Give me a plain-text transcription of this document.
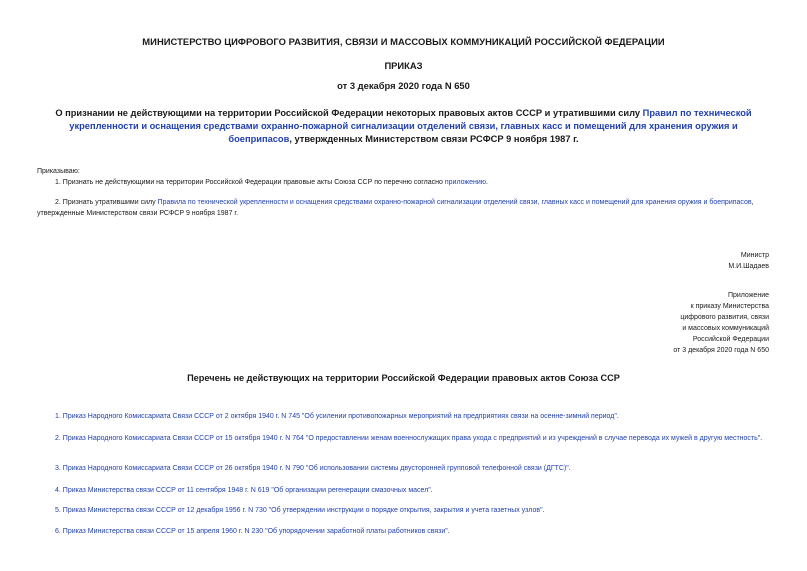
МИНИСТЕРСТВО ЦИФРОВОГО РАЗВИТИЯ, СВЯЗИ И МАССОВЫХ КОММУНИКАЦИЙ РОССИЙСКОЙ ФЕДЕРАЦИИ
ПРИКАЗ
от 3 декабря 2020 года N 650
О признании не действующими на территории Российской Федерации некоторых правовых актов СССР и утратившими силу Правил по технической укрепленности и оснащения средствами охранно-пожарной сигнализации отделений связи, главных касс и помещений для хранения оружия и боеприпасов, утвержденных Министерством связи РСФСР 9 ноября 1987 г.
Приказываю:
1. Признать не действующими на территории Российской Федерации правовые акты Союза ССР по перечню согласно приложению.
2. Признать утратившими силу Правила по технической укрепленности и оснащения средствами охранно-пожарной сигнализации отделений связи, главных касс и помещений для хранения оружия и боеприпасов, утвержденные Министерством связи РСФСР 9 ноября 1987 г.
Министр
М.И.Шадаев
Приложение
к приказу Министерства
цифрового развития, связи
и массовых коммуникаций
Российской Федерации
от 3 декабря 2020 года N 650
Перечень не действующих на территории Российской Федерации правовых актов Союза ССР
1. Приказ Народного Комиссариата Связи СССР от 2 октября 1940 г. N 745 "Об усилении противопожарных мероприятий на предприятиях связи на осенне-зимний период".
2. Приказ Народного Комиссариата Связи СССР от 15 октября 1940 г. N 764 "О предоставлении женам военнослужащих права ухода с предприятий и из учреждений в случае перевода их мужей в другую местность".
3. Приказ Народного Комиссариата Связи СССР от 26 октября 1940 г. N 790 "Об использовании системы двусторонней групповой телефонной связи (ДГТС)".
4. Приказ Министерства связи СССР от 11 сентября 1948 г. N 619 "Об организации регенерации смазочных масел".
5. Приказ Министерства связи СССР от 12 декабря 1956 г. N 730 "Об утверждении инструкции о порядке открытия, закрытия и учета газетных узлов".
6. Приказ Министерства связи СССР от 15 апреля 1960 г. N 230 "Об упорядочении заработной платы работников связи".
